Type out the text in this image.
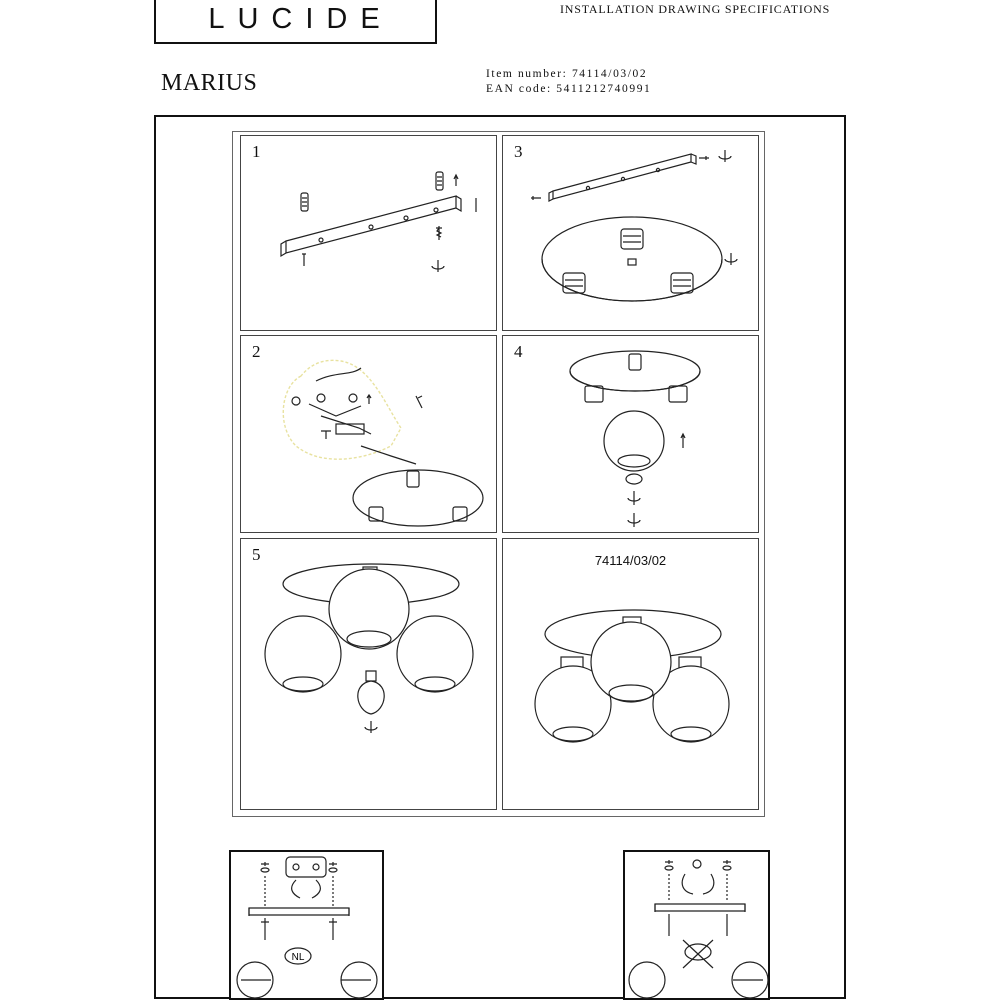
LUCIDE	INSTALLATION DRAWING SPECIFICATIONS
MARIUS	Item number: 74114/03/02
EAN code: 5411212740991
1	3
2	4
5	74114/03/02
NL
